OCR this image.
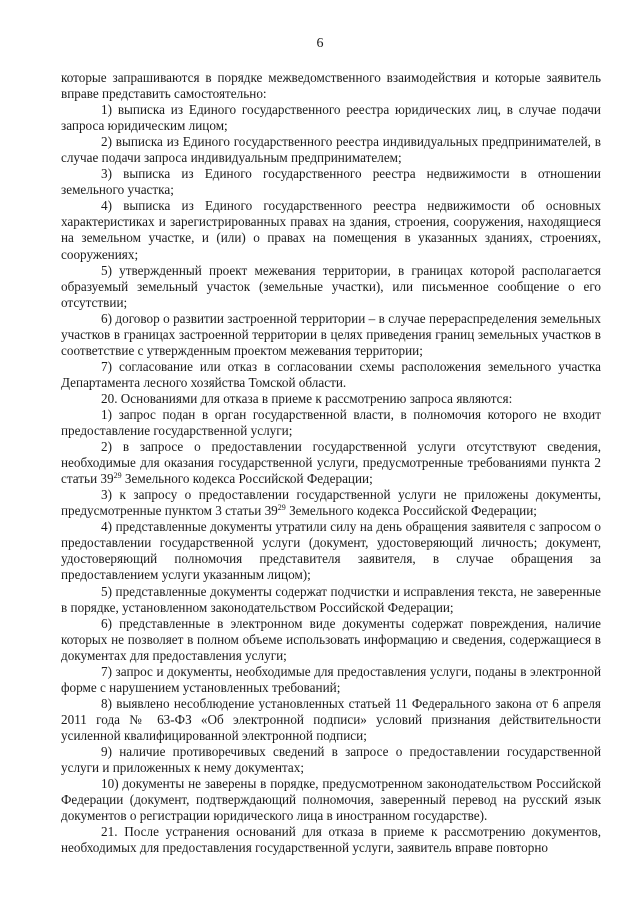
6

которые запрашиваются в порядке межведомственного взаимодействия и которые заявитель вправе представить самостоятельно:

1) выписка из Единого государственного реестра юридических лиц, в случае подачи запроса юридическим лицом;

2) выписка из Единого государственного реестра индивидуальных предпринимателей, в случае подачи запроса индивидуальным предпринимателем;

3) выписка из Единого государственного реестра недвижимости в отношении земельного участка;

4) выписка из Единого государственного реестра недвижимости об основных характеристиках и зарегистрированных правах на здания, строения, сооружения, находящиеся на земельном участке, и (или) о правах на помещения в указанных зданиях, строениях, сооружениях;

5) утвержденный проект межевания территории, в границах которой располагается образуемый земельный участок (земельные участки), или письменное сообщение о его отсутствии;

6) договор о развитии застроенной территории – в случае перераспределения земельных участков в границах застроенной территории в целях приведения границ земельных участков в соответствие с утвержденным проектом межевания территории;

7) согласование или отказ в согласовании схемы расположения земельного участка Департамента лесного хозяйства Томской области.

20. Основаниями для отказа в приеме к рассмотрению запроса являются:

1) запрос подан в орган государственной власти, в полномочия которого не входит предоставление государственной услуги;

2) в запросе о предоставлении государственной услуги отсутствуют сведения, необходимые для оказания государственной услуги, предусмотренные требованиями пункта 2 статьи $39^{29}$ Земельного кодекса Российской Федерации;

3) к запросу о предоставлении государственной услуги не приложены документы, предусмотренные пунктом 3 статьи $39^{29}$ Земельного кодекса Российской Федерации;

4) представленные документы утратили силу на день обращения заявителя с запросом о предоставлении государственной услуги (документ, удостоверяющий личность; документ, удостоверяющий полномочия представителя заявителя, в случае обращения за предоставлением услуги указанным лицом);

5) представленные документы содержат подчистки и исправления текста, не заверенные в порядке, установленном законодательством Российской Федерации;

6) представленные в электронном виде документы содержат повреждения, наличие которых не позволяет в полном объеме использовать информацию и сведения, содержащиеся в документах для предоставления услуги;

7) запрос и документы, необходимые для предоставления услуги, поданы в электронной форме с нарушением установленных требований;

8) выявлено несоблюдение установленных статьей 11 Федерального закона от 6 апреля 2011 года № 63-ФЗ «Об электронной подписи» условий признания действительности усиленной квалифицированной электронной подписи;

9) наличие противоречивых сведений в запросе о предоставлении государственной услуги и приложенных к нему документах;

10) документы не заверены в порядке, предусмотренном законодательством Российской Федерации (документ, подтверждающий полномочия, заверенный перевод на русский язык документов о регистрации юридического лица в иностранном государстве).

21. После устранения оснований для отказа в приеме к рассмотрению документов, необходимых для предоставления государственной услуги, заявитель вправе повторно
